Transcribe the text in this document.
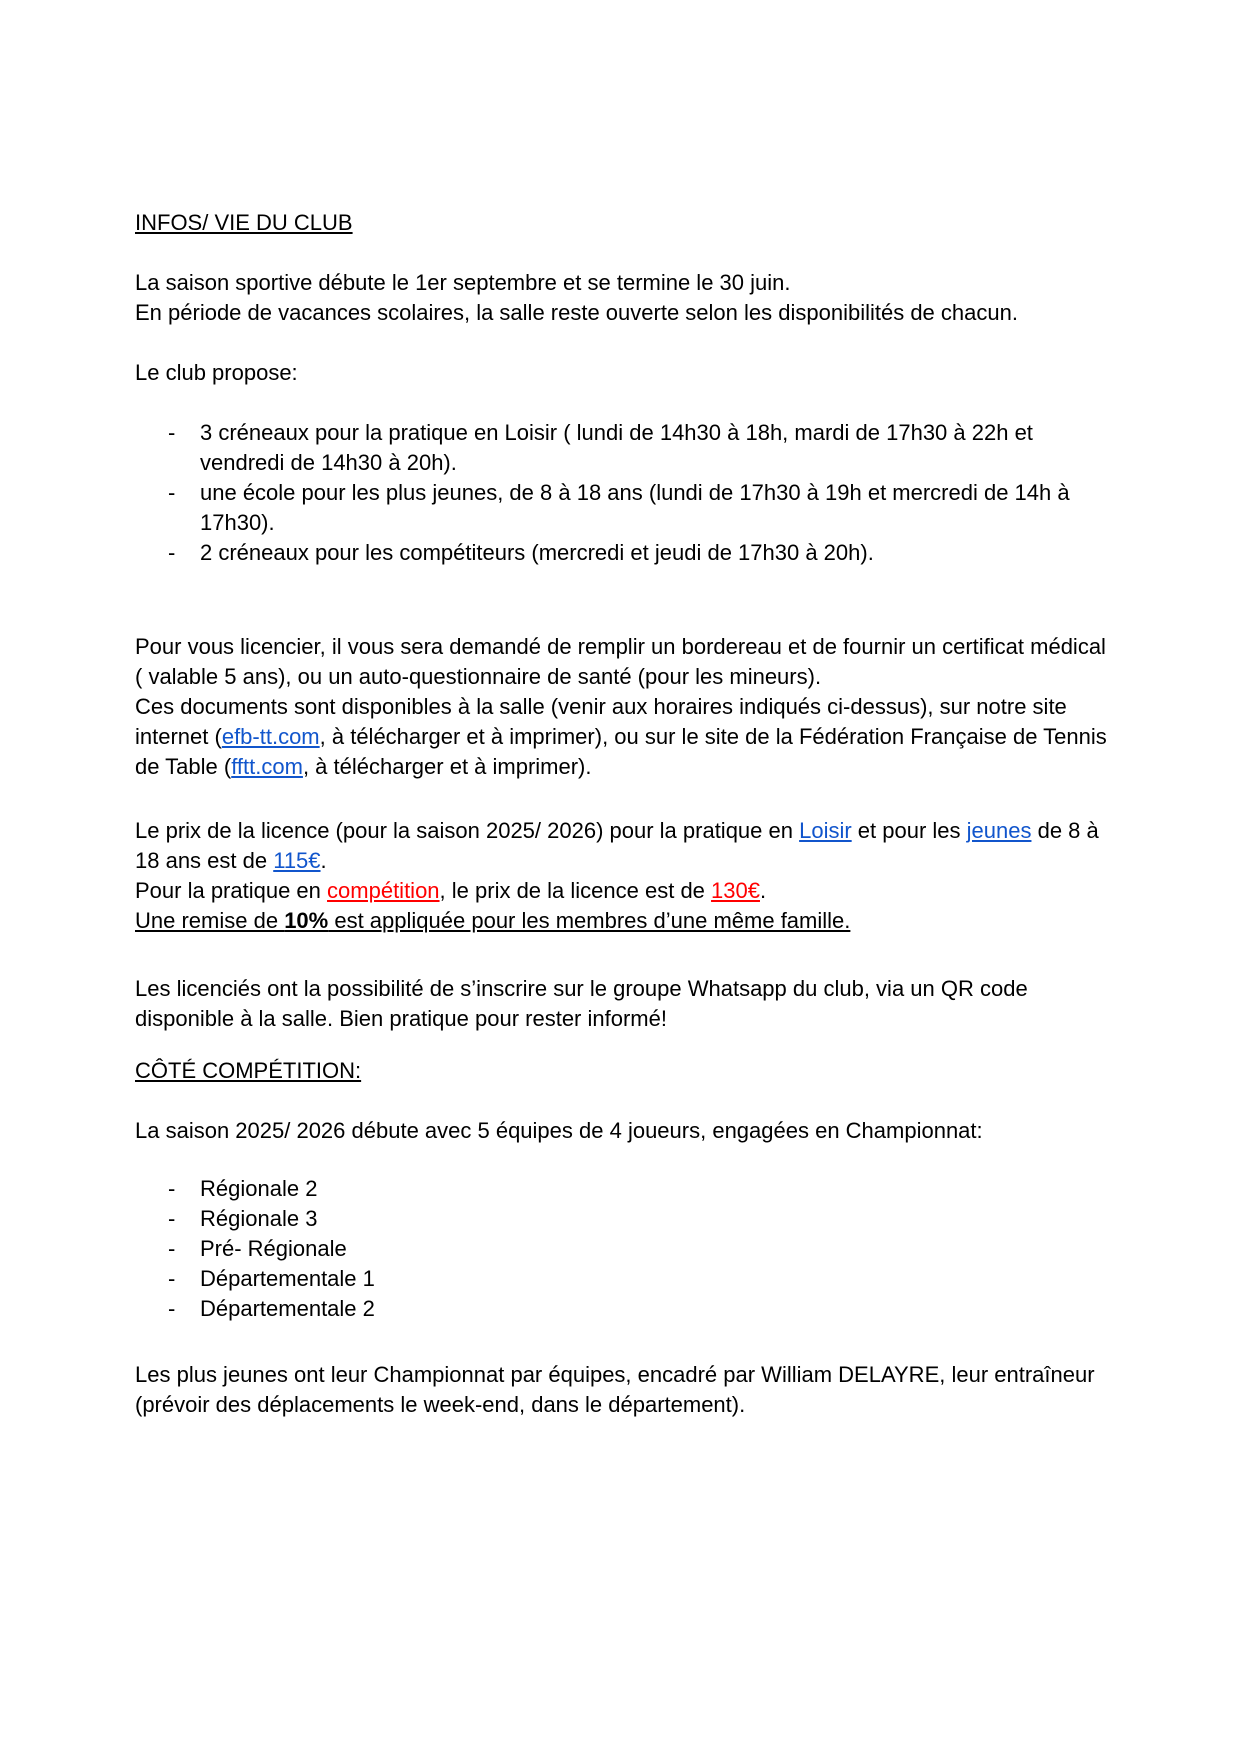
INFOS/ VIE DU CLUB

La saison sportive débute le 1er septembre et se termine le 30 juin.

En période de vacances scolaires, la salle reste ouverte selon les disponibilités de chacun.

Le club propose:

- 3 créneaux pour la pratique en Loisir ( lundi de 14h30 à 18h, mardi de 17h30 à 22h et vendredi de 14h30 à 20h).
- une école pour les plus jeunes, de 8 à 18 ans (lundi de 17h30 à 19h et mercredi de 14h à 17h30).
- 2 créneaux pour les compétiteurs (mercredi et jeudi de 17h30 à 20h).

Pour vous licencier, il vous sera demandé de remplir un bordereau et de fournir un certificat médical ( valable 5 ans), ou un auto-questionnaire de santé (pour les mineurs).

Ces documents sont disponibles à la salle (venir aux horaires indiqués ci-dessus), sur notre site internet (efb-tt.com, à télécharger et à imprimer), ou sur le site de la Fédération Française de Tennis de Table (fftt.com, à télécharger et à imprimer).

Le prix de la licence (pour la saison 2025/ 2026) pour la pratique en Loisir et pour les jeunes de 8 à 18 ans est de 115€.

Pour la pratique en compétition, le prix de la licence est de 130€.

Une remise de 10% est appliquée pour les membres d’une même famille.

Les licenciés ont la possibilité de s’inscrire sur le groupe Whatsapp du club, via un QR code disponible à la salle. Bien pratique pour rester informé!

CÔTÉ COMPÉTITION:

La saison 2025/ 2026 débute avec 5 équipes de 4 joueurs, engagées en Championnat:

- Régionale 2
- Régionale 3
- Pré- Régionale
- Départementale 1
- Départementale 2

Les plus jeunes ont leur Championnat par équipes, encadré par William DELAYRE, leur entraîneur (prévoir des déplacements le week-end, dans le département).
